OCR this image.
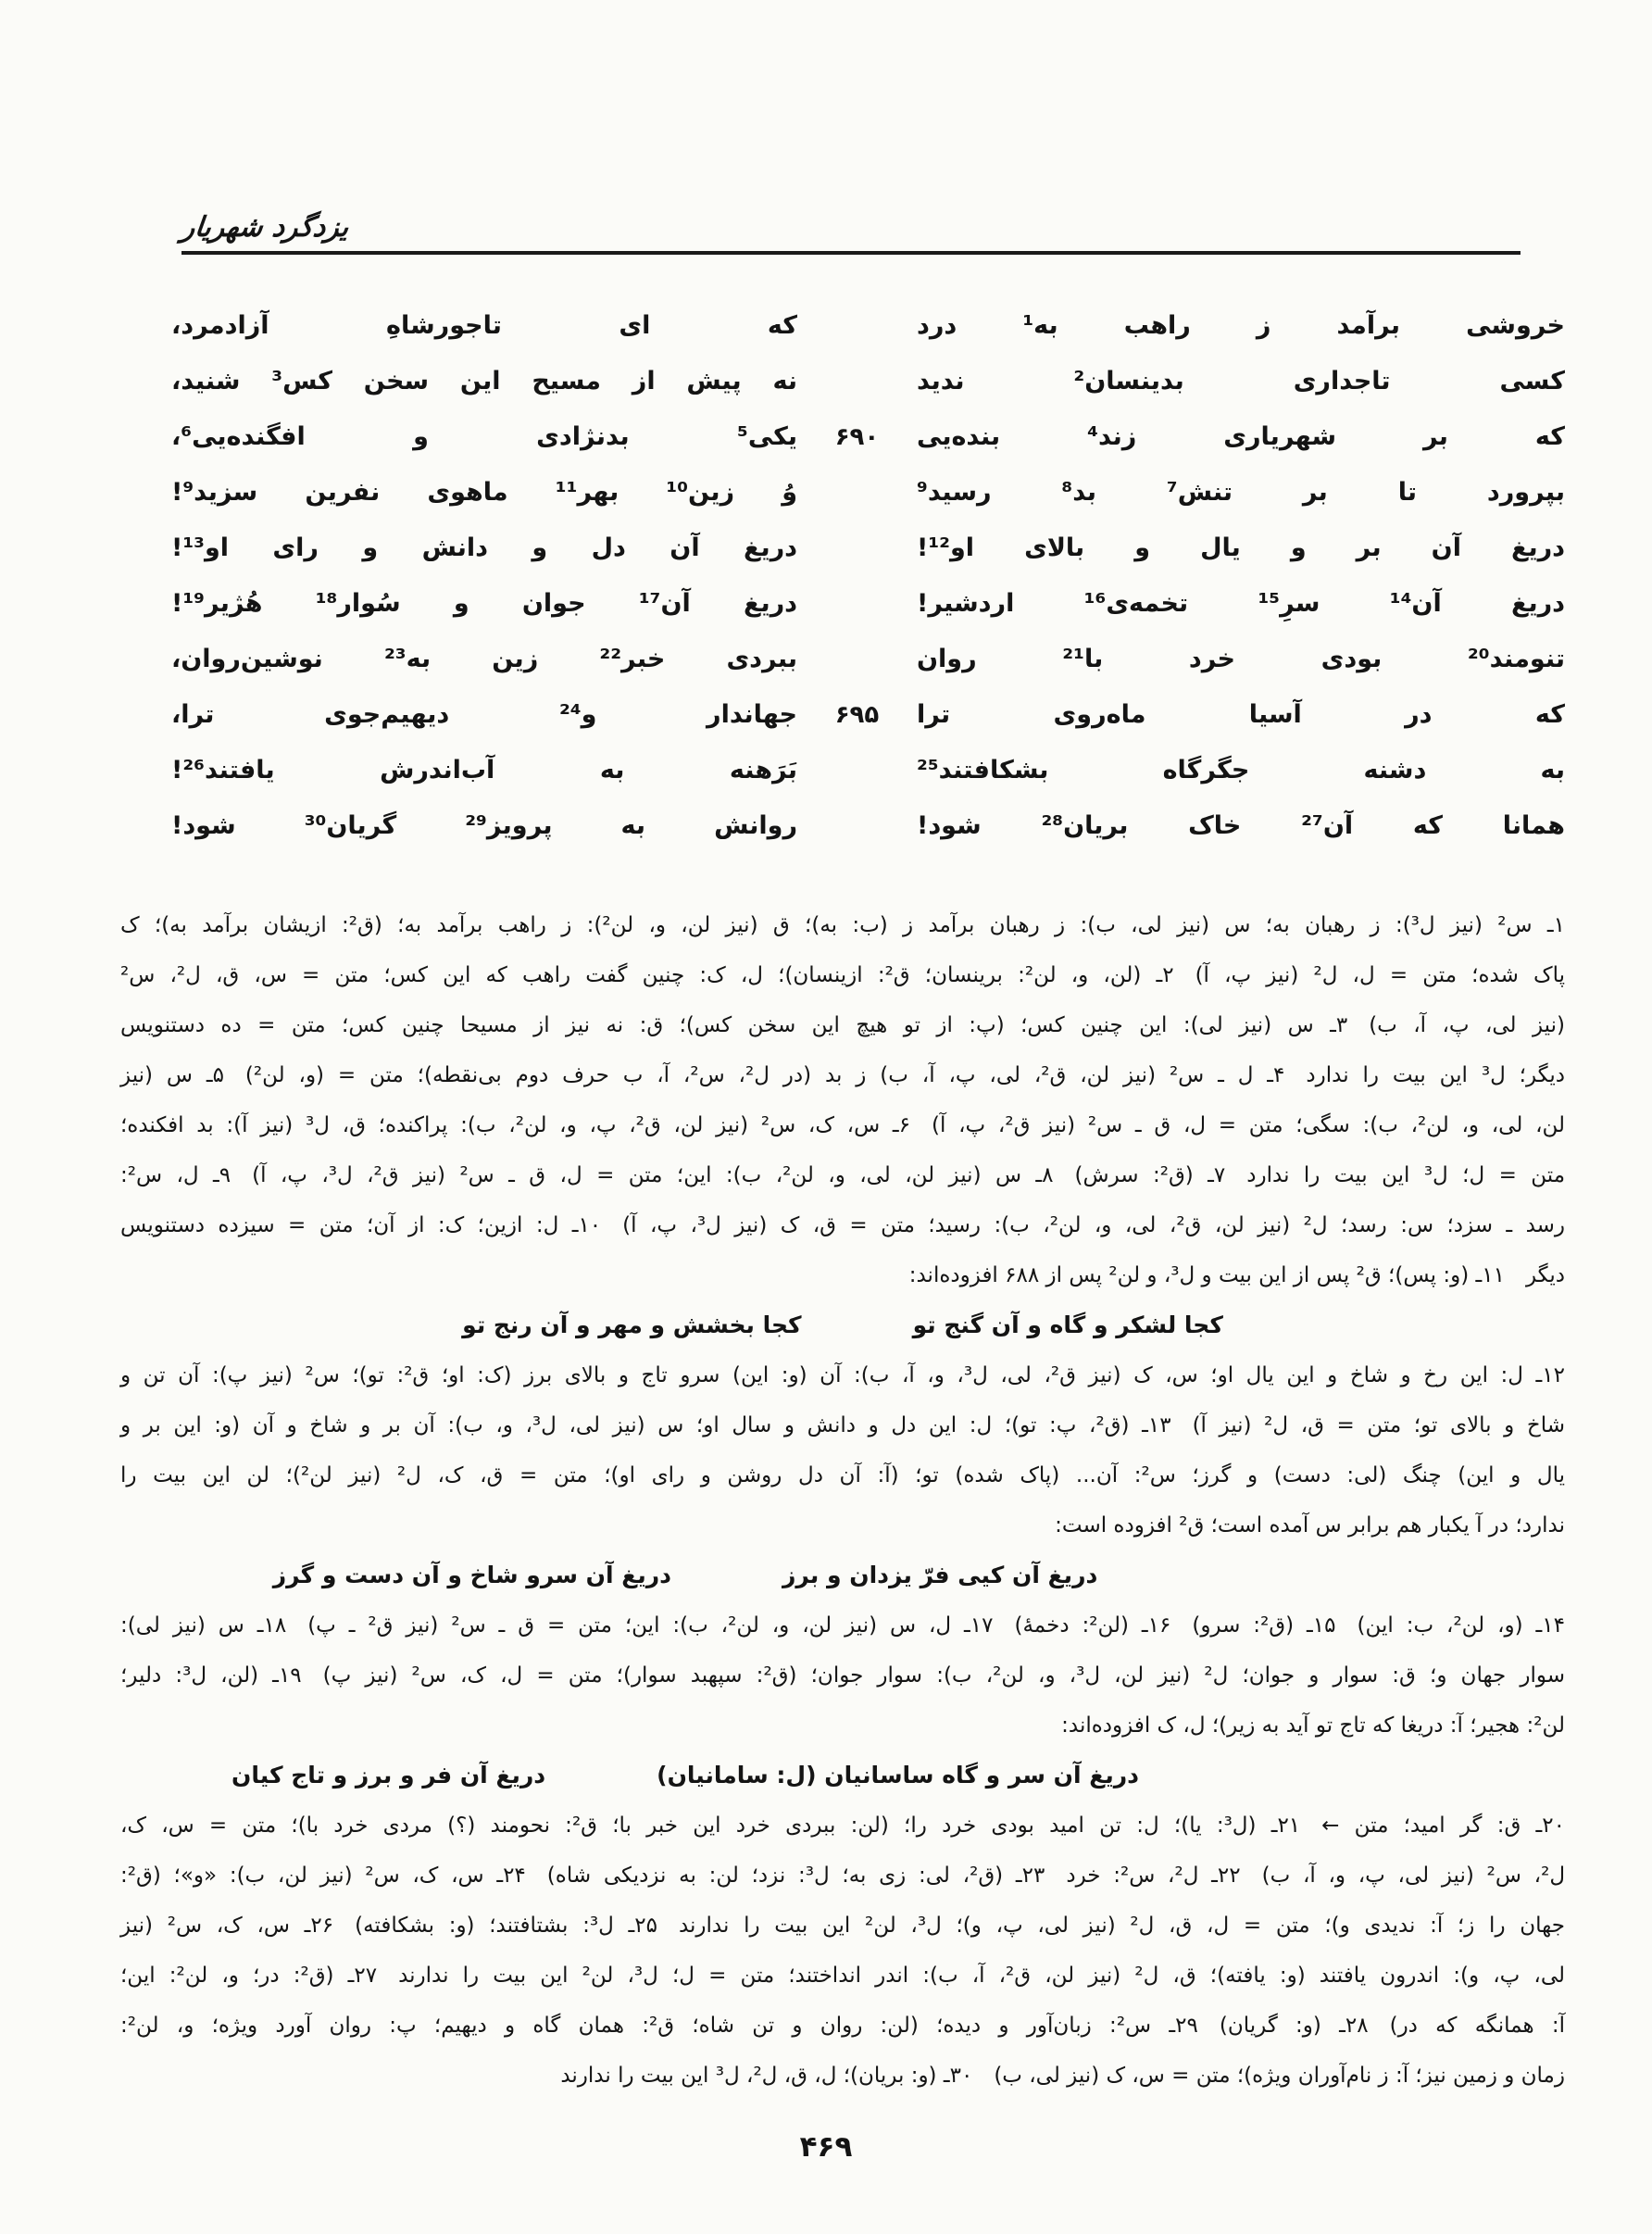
یزدگرد شهریار
خروشی برآمد ز راهب به¹ درد
که ای تاجورشاهِ آزادمرد،
کسی تاجداری بدینسان² ندید
نه پیش از مسیح این سخن کس³ شنید،
که بر شهریاری زند⁴ بنده‌یی
۶۹۰
یکی⁵ بدنژادی و افگنده‌یی⁶،
بپرورد تا بر تنش⁷ بد⁸ رسید⁹
وُ زین¹⁰ بهر¹¹ ماهوی نفرین سزید⁹!
دریغ آن بر و یال و بالای او¹²!
دریغ آن دل و دانش و رای او¹³!
دریغ آن¹⁴ سرِ¹⁵ تخمه‌ی¹⁶ اردشیر!
دریغ آن¹⁷ جوان و سُوار¹⁸ هُژیر¹⁹!
تنومند²⁰ بودی خرد با²¹ روان
ببردی خبر²² زین به²³ نوشین‌روان،
که در آسیا ماه‌روی ترا
۶۹۵
جهاندار و²⁴ دیهیم‌جوی ترا،
به دشنه جگرگاه بشکافتند²⁵
بَرَهنه به آب‌اندرش یافتند²⁶!
همانا که آن²⁷ خاک بریان²⁸ شود!
روانش به پرویز²⁹ گریان³⁰ شود!
۱ـ س² (نیز ل³): ز رهبان به؛ س (نیز لی، ب): ز رهبان برآمد ز (ب: به)؛ ق (نیز لن، و، لن²): ز راهب برآمد به؛ (ق²: ازیشان برآمد به)؛ ک
پاک شده؛ متن = ل، ل² (نیز پ، آ) ۲ـ (لن، و، لن²: برینسان؛ ق²: ازینسان)؛ ل، ک: چنین گفت راهب که این کس؛ متن = س، ق، ل²، س²
(نیز لی، پ، آ، ب) ۳ـ س (نیز لی): این چنین کس؛ (پ: از تو هیچ این سخن کس)؛ ق: نه نیز از مسیحا چنین کس؛ متن = ده دستنویس
دیگر؛ ل³ این بیت را ندارد ۴ـ ل ـ س² (نیز لن، ق²، لی، پ، آ، ب) ز بد (در ل²، س²، آ، ب حرف دوم بی‌نقطه)؛ متن = (و، لن²) ۵ـ س (نیز
لن، لی، و، لن²، ب): سگی؛ متن = ل، ق ـ س² (نیز ق²، پ، آ) ۶ـ س، ک، س² (نیز لن، ق²، پ، و، لن²، ب): پراکنده؛ ق، ل³ (نیز آ): بد افکنده؛
متن = ل؛ ل³ این بیت را ندارد ۷ـ (ق²: سرش) ۸ـ س (نیز لن، لی، و، لن²، ب): این؛ متن = ل، ق ـ س² (نیز ق²، ل³، پ، آ) ۹ـ ل، س²:
رسد ـ سزد؛ س: رسد؛ ل² (نیز لن، ق²، لی، و، لن²، ب): رسید؛ متن = ق، ک (نیز ل³، پ، آ) ۱۰ـ ل: ازین؛ ک: از آن؛ متن = سیزده دستنویس
دیگر ۱۱ـ (و: پس)؛ ق² پس از این بیت و ل³، و لن² پس از ۶۸۸ افزوده‌اند:
کجا لشکر و گاه و آن گنج تو
کجا بخشش و مهر و آن رنج تو
۱۲ـ ل: این رخ و شاخ و این یال او؛ س، ک (نیز ق²، لی، ل³، و، آ، ب): آن (و: این) سرو تاج و بالای برز (ک: او؛ ق²: تو)؛ س² (نیز پ): آن تن و
شاخ و بالای تو؛ متن = ق، ل² (نیز آ) ۱۳ـ (ق²، پ: تو)؛ ل: این دل و دانش و سال او؛ س (نیز لی، ل³، و، ب): آن بر و شاخ و آن (و: این بر و
یال و این) چنگ (لی: دست) و گرز؛ س²: آن... (پاک شده) تو؛ (آ: آن دل روشن و رای او)؛ متن = ق، ک، ل² (نیز لن²)؛ لن این بیت را
ندارد؛ در آ یکبار هم برابر س آمده است؛ ق² افزوده است:
دریغ آن کیی فرّ یزدان و برز
دریغ آن سرو شاخ و آن دست و گرز
۱۴ـ (و، لن²، ب: این) ۱۵ـ (ق²: سرو) ۱۶ـ (لن²: دخمهٔ) ۱۷ـ ل، س (نیز لن، و، لن²، ب): این؛ متن = ق ـ س² (نیز ق² ـ پ) ۱۸ـ س (نیز لی):
سوار جهان و؛ ق: سوار و جوان؛ ل² (نیز لن، ل³، و، لن²، ب): سوار جوان؛ (ق²: سپهبد سوار)؛ متن = ل، ک، س² (نیز پ) ۱۹ـ (لن، ل³: دلیر؛
لن²: هجیر؛ آ: دریغا که تاج تو آید به زیر)؛ ل، ک افزوده‌اند:
دریغ آن سر و گاه ساسانیان (ل: سامانیان)
دریغ آن فر و برز و تاج کیان
۲۰ـ ق: گر امید؛ متن ← ۲۱ـ (ل³: یا)؛ ل: تن امید بودی خرد را؛ (لن: ببردی خرد این خبر با؛ ق²: نحومند (؟) مردی خرد با)؛ متن = س، ک،
ل²، س² (نیز لی، پ، و، آ، ب) ۲۲ـ ل²، س²: خرد ۲۳ـ (ق²، لی: زی به؛ ل³: نزد؛ لن: به نزدیکی شاه) ۲۴ـ س، ک، س² (نیز لن، ب): «و»؛ (ق²:
جهان را ز؛ آ: ندیدی و)؛ متن = ل، ق، ل² (نیز لی، پ، و)؛ ل³، لن² این بیت را ندارند ۲۵ـ ل³: بشتافتند؛ (و: بشکافته) ۲۶ـ س، ک، س² (نیز
لی، پ، و): اندرون یافتند (و: یافته)؛ ق، ل² (نیز لن، ق²، آ، ب): اندر انداختند؛ متن = ل؛ ل³، لن² این بیت را ندارند ۲۷ـ (ق²: در؛ و، لن²: این؛
آ: همانگه که در) ۲۸ـ (و: گریان) ۲۹ـ س²: زبان‌آور و دیده؛ (لن: روان و تن شاه؛ ق²: همان گاه و دیهیم؛ پ: روان آورد ویژه؛ و، لن²:
زمان و زمین نیز؛ آ: ز نام‌آوران ویژه)؛ متن = س، ک (نیز لی، ب) ۳۰ـ (و: بریان)؛ ل، ق، ل²، ل³ این بیت را ندارند
۴۶۹
